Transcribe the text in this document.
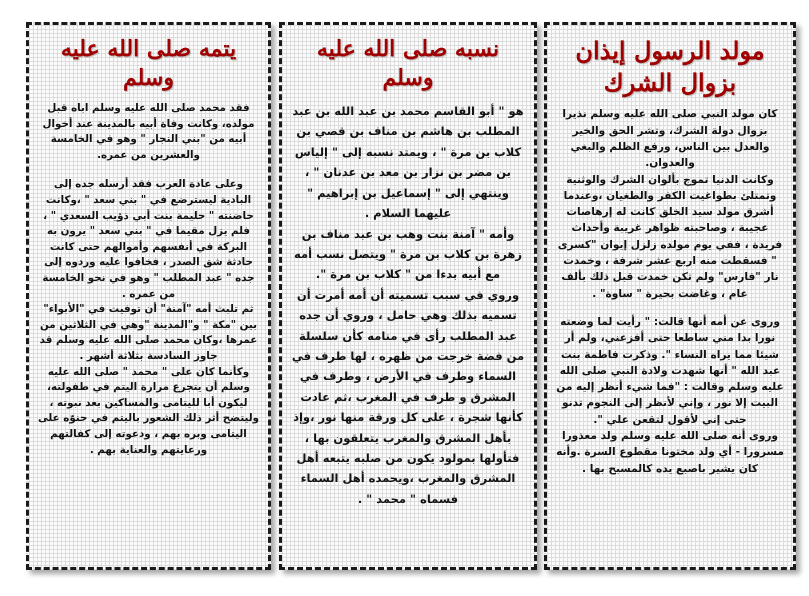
مولد الرسول إيذان
بزوال الشرك

كان مولد النبي صلى الله عليه وسلم نذيرا بزوال دولة الشرك، وتشر الحق والخير والعدل بين الناس، ورفع الظلم والبغي والعدوان.

وكانت الدنيا تموج بألوان الشرك والوثنية وتمتلئ بطواغيت الكفر والطغيان ،وعندما أشرق مولد سيد الخلق كانت له إرهاصات عجيبة ، وصاحبته ظواهر غريبة وأحداث فريدة ، ففي يوم مولده زلزل إيوان "كسرى " فسقطت منه اربع عشر شرفة ، وخمدت نار "فارس" ولم تكن خمدت قبل ذلك بألف عام ، وغاضت بحيرة " ساوة" .

وروى عن أمه أنها قالت: " رأيت لما وضعته نورا بدا مني ساطعا حتى أفزعني، ولم أر شيئا مما يراه النساء ". وذكرت فاطمة بنت عبد الله " أنها شهدت ولادة النبي صلى الله عليه وسلم وقالت : "فما شيء أنظر إليه من البيت إلا نور ، وإني لأنظر إلى النجوم تدنو حتى إني لأقول لتقعن علي ".

وروى أنه صلى الله عليه وسلم ولد معذورا مسرورا - أي ولد مختونا مقطوع السرة .وأنه كان يشير باصبع يده كالمسبح بها .

نسبه صلى الله عليه
وسلم

هو " أبو القاسم محمد بن عبد الله بن عبد المطلب بن هاشم بن مناف بن قصي بن كلاب بن مرة " ، ويمتد نسبه إلى " إلياس بن مضر بن نزار بن معد بن عدنان " ، وينتهي إلى " إسماعيل بن إبراهيم " عليهما السلام .

وأمه " آمنة بنت وهب بن عبد مناف بن زهرة بن كلاب بن مرة " ويتصل نسب أمه مع أبيه بدءا من " كلاب بن مرة ".

وروي في سبب تسميته أن أمه أمرت أن تسميه بذلك وهي حامل ، وروي أن جده عبد المطلب رأى في منامه كأن سلسلة من فضة خرجت من ظهره ، لها طرف في السماء وطرف في الأرض ، وطرف في المشرق و طرف في المغرب ،ثم عادت كأنها شجرة ، على كل ورقة منها نور ،وإذ بأهل المشرق والمغرب يتعلقون بها ، فتأولها بمولود يكون من صلبه يتبعه أهل المشرق والمغرب ،ويحمده أهل السماء فسماه " محمد " .

يتمه صلى الله عليه
وسلم

فقد محمد صلى الله عليه وسلم اباه قبل مولده، وكانت وفاة أبيه بالمدينة عند أخوال أبيه من "بني النجار " وهو في الخامسة والعشرين من عمره.

وعلى عادة العرب فقد أرسله جده إلى البادية ليسترضع في " بني سعد " ،وكانت حاضنته " حليمة بنت أبي ذؤيب السعدي " ، فلم يزل مقيما في " بني سعد " يرون به البركة في أنفسهم وأموالهم حتى كانت حادثة شق الصدر ، فخافوا عليه وردوه إلى جده " عبد المطلب " وهو في نحو الخامسة من عمره .

ثم تلبث أمه "آمنة" أن توفيت في "الأبواء" بين "مكة " و"المدينة "وهي في الثلاثين من عمرها ،وكان محمد صلى الله عليه وسلم قد جاوز السادسة بثلاثة أشهر .

وكأنما كان على " محمد " صلى الله عليه وسلم أن يتجرع مرارة اليتم في طفولته، ليكون أبا لليتامى والمساكين بعد نبوته ، وليتضح أثر ذلك الشعور باليتم في حنوّه على اليتامى وبره بهم ، ودعوته إلى كفالتهم ورعايتهم والعناية بهم .
